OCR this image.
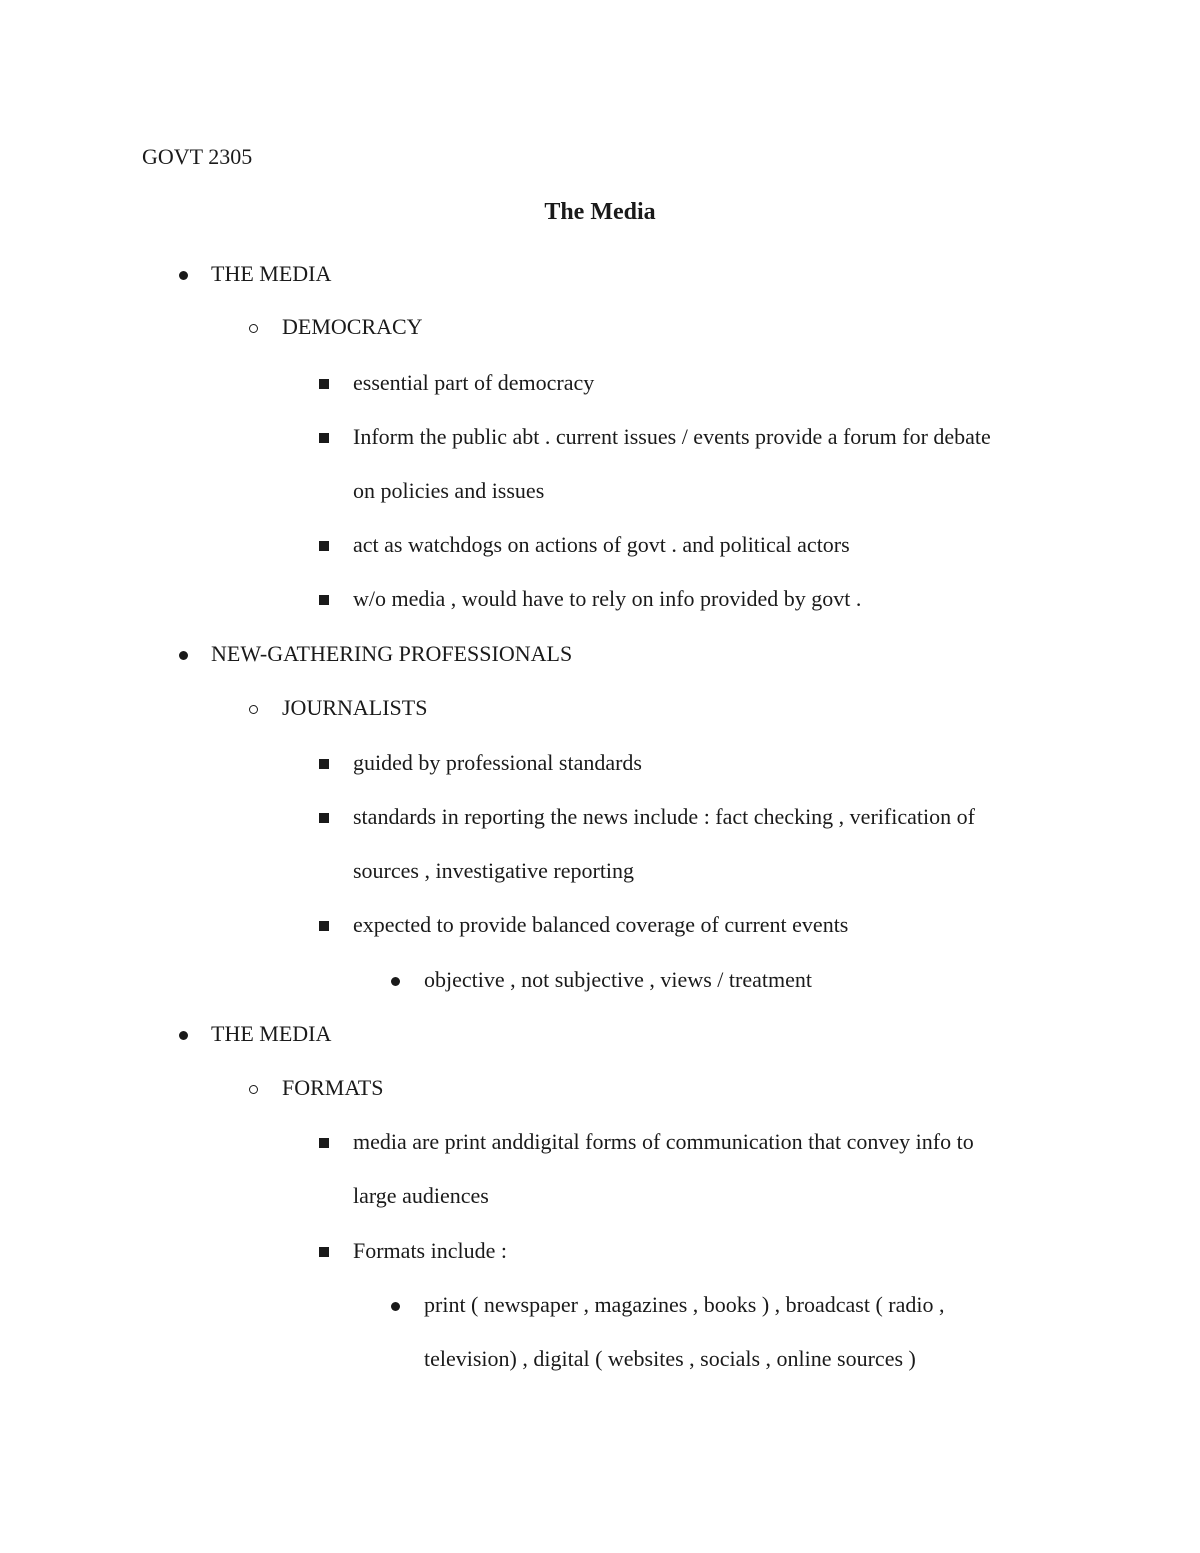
GOVT 2305
The Media
THE MEDIA
DEMOCRACY
essential part of democracy
Inform the public abt . current issues / events provide a forum for debate
on policies and issues
act as watchdogs on actions of govt . and political actors
w/o media , would have to rely on info provided by govt .
NEW-GATHERING PROFESSIONALS
JOURNALISTS
guided by professional standards
standards in reporting the news include : fact checking , verification of
sources , investigative reporting
expected to provide balanced coverage of current events
objective , not subjective , views / treatment
THE MEDIA
FORMATS
media are print anddigital forms of communication that convey info to
large audiences
Formats include :
print ( newspaper , magazines , books ) , broadcast ( radio ,
television) , digital ( websites , socials , online sources )
